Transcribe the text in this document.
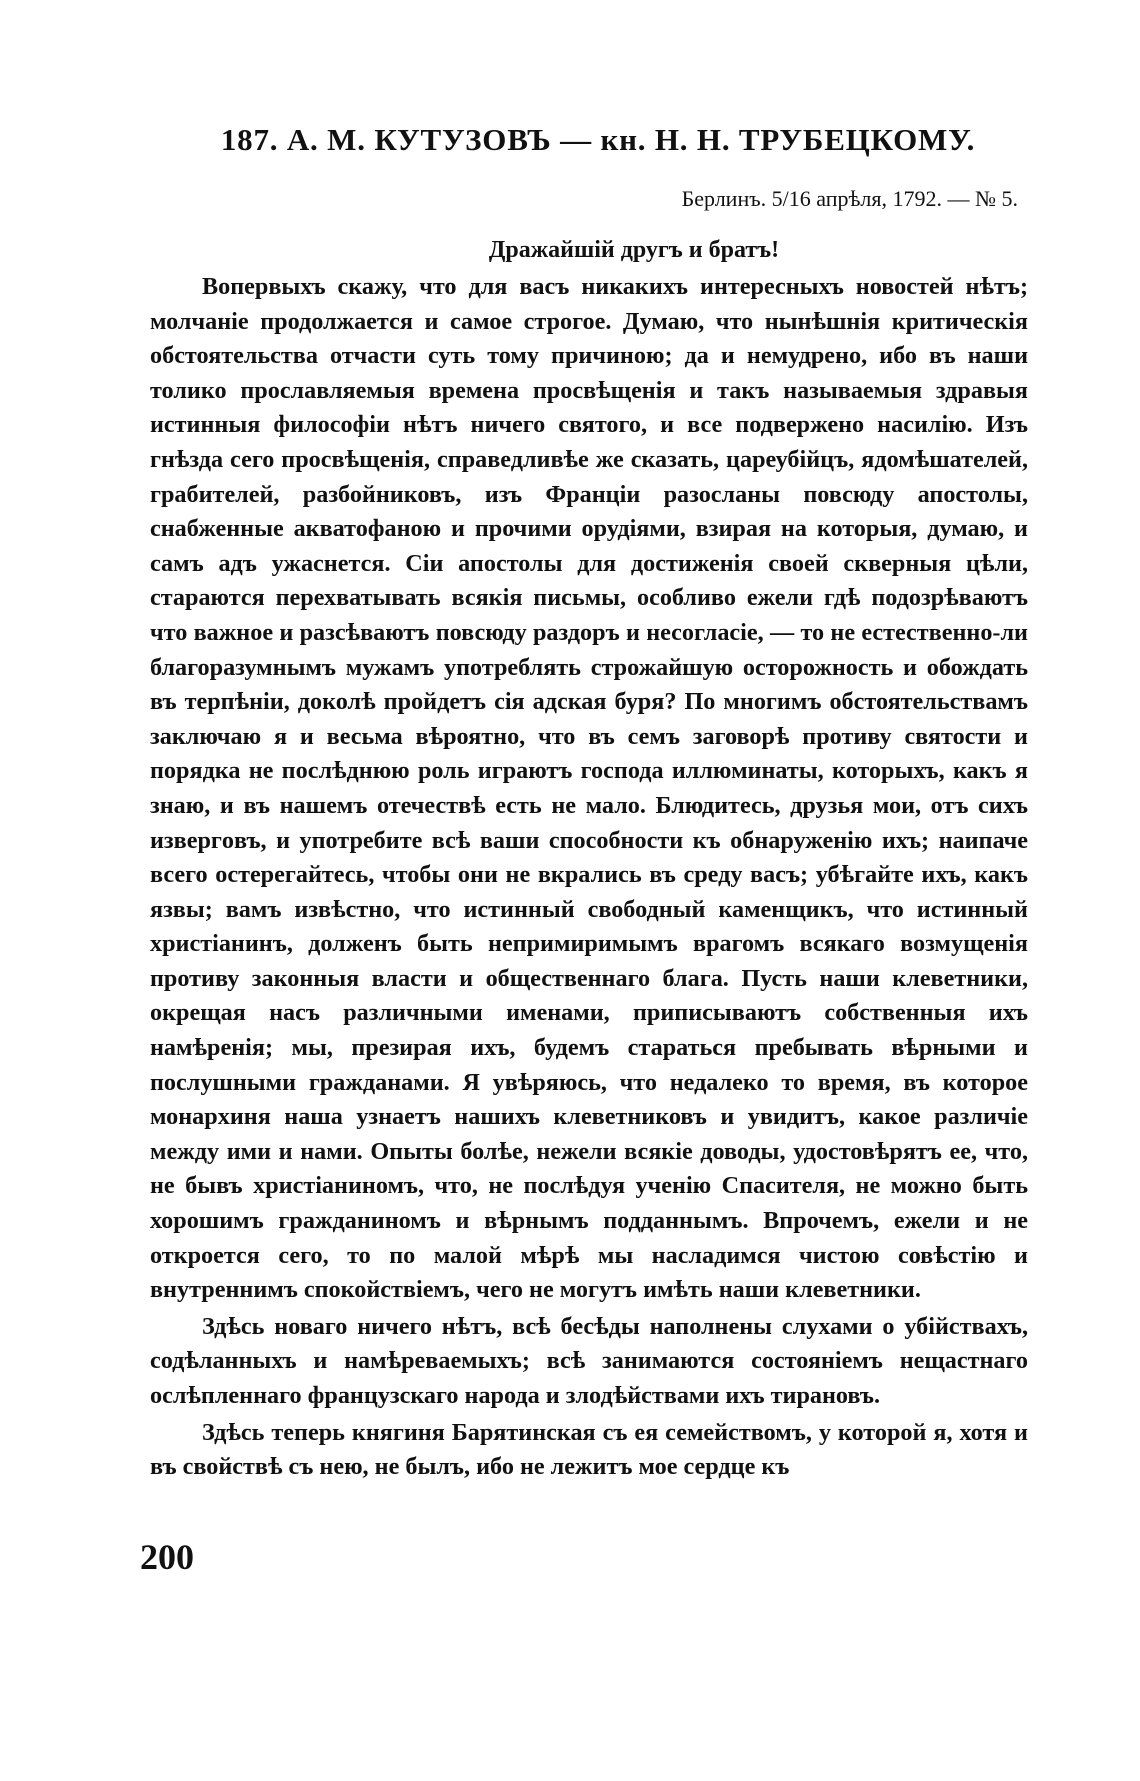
187. А. М. КУТУЗОВЪ — кн. Н. Н. ТРУБЕЦКОМУ.
Берлинъ. 5/16 апрѣля, 1792. — № 5.
Дражайшій другъ и братъ!

Вопервыхъ скажу, что для васъ никакихъ интересныхъ новостей нѣтъ; молчаніе продолжается и самое строгое. Думаю, что нынѣшнія критическія обстоятельства отчасти суть тому причиною; да и немудрено, ибо въ наши толико прославляемыя времена просвѣщенія и такъ называемыя здравыя истинныя философіи нѣтъ ничего святого, и все подвержено насилію. Изъ гнѣзда сего просвѣщенія, справедливѣе же сказать, цареубійцъ, ядомѣшателей, грабителей, разбойниковъ, изъ Франціи разосланы повсюду апостолы, снабженные акватофаною и прочими орудіями, взирая на которыя, думаю, и самъ адъ ужаснется. Сіи апостолы для достиженія своей скверныя цѣли, стараются перехватывать всякія письмы, особливо ежели гдѣ подозрѣваютъ что важное и разсѣваютъ повсюду раздоръ и несогласіе, — то не естественно-ли благоразумнымъ мужамъ употреблять строжайшую осторожность и обождать въ терпѣніи, доколѣ пройдетъ сія адская буря? По многимъ обстоятельствамъ заключаю я и весьма вѣроятно, что въ семъ заговорѣ противу святости и порядка не послѣднюю роль играютъ господа иллюминаты, которыхъ, какъ я знаю, и въ нашемъ отечествѣ есть не мало. Блюдитесь, друзья мои, отъ сихъ извергoвъ, и употребите всѣ ваши способности къ обнаруженію ихъ; наипаче всего остерегайтесь, чтобы они не вкрались въ среду васъ; убѣгайте ихъ, какъ язвы; вамъ извѣстно, что истинный свободный каменщикъ, что истинный христіанинъ, долженъ быть непримиримымъ врагомъ всякаго возмущенія противу законныя власти и общественнаго блага. Пусть наши клеветники, окрещая насъ различными именами, приписываютъ собственныя ихъ намѣренія; мы, презирая ихъ, будемъ стараться пребывать вѣрными и послушными гражданами. Я увѣряюсь, что недалеко то время, въ которое монархиня наша узнаетъ нашихъ клеветниковъ и увидитъ, какое различіе между ими и нами. Опыты болѣе, нежели всякіе доводы, удостовѣрятъ ее, что, не бывъ христіаниномъ, что, не послѣдуя ученію Спасителя, не можно быть хорошимъ гражданиномъ и вѣрнымъ подданнымъ. Впрочемъ, ежели и не откроется сего, то по малой мѣрѣ мы насладимся чистою совѣстію и внутреннимъ спокойствіемъ, чего не могутъ имѣть наши клеветники.

Здѣсь новаго ничего нѣтъ, всѣ бесѣды наполнены слухами о убійствахъ, содѣланныхъ и намѣреваемыхъ; всѣ занимаются состояніемъ нещастнаго ослѣпленнаго французскаго народа и злодѣйствами ихъ тирановъ.

Здѣсь теперь княгиня Барятинская съ ея семействомъ, у которой я, хотя и въ свойствѣ съ нею, не былъ, ибо не лежитъ мое сердце къ

200
